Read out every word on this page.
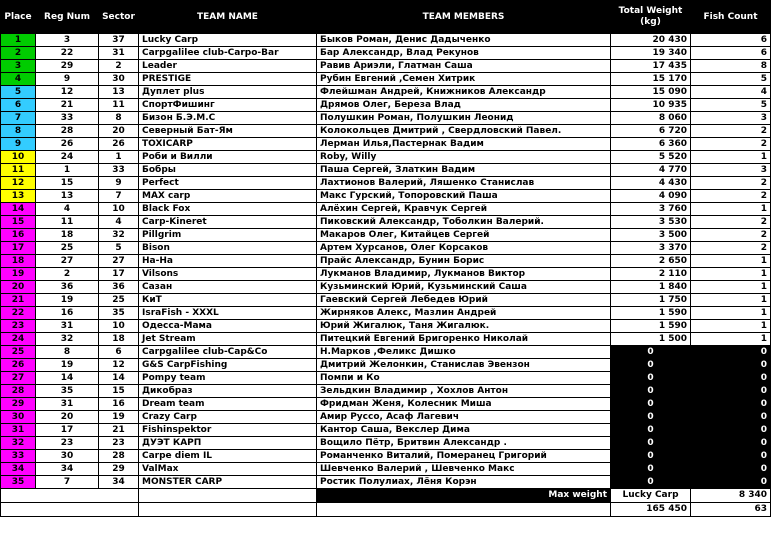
Place	Reg Num	Sector	TEAM NAME	TEAM MEMBERS	Total Weight (kg)	Fish Count
1	3	37	Lucky Carp	Быков Роман, Денис Дадыченко	20 430	6
2	22	31	Carpgalilee club-Carpo-Bar	Бар Александр, Влад Рекунов	19 340	6
3	29	2	Leader	Равив Ариэли, Глатман Саша	17 435	8
4	9	30	PRESTIGE	Рубин Евгений ,Семен Хитрик	15 170	5
5	12	13	Дуплет plus	Флейшман Андрей, Книжников Александр	15 090	4
6	21	11	СпортФишинг	Дрямов Олег, Береза Влад	10 935	5
7	33	8	Бизон Б.Э.М.С	Полушкин Роман, Полушкин Леонид	8 060	3
8	28	20	Северный Бат-Ям	Колокольцев Дмитрий , Свердловский Павел.	6 720	2
9	26	26	TOXICARP	Лерман Илья,Пастернак Вадим	6 360	2
10	24	1	Роби и Вилли	Roby, Willy	5 520	1
11	1	33	Бобры	Паша Сергей, Златкин Вадим	4 770	3
12	15	9	Perfect	Лахтионов Валерий, Ляшенко Станислав	4 430	2
13	13	7	MAX carp	Макс Гурский, Топоровский Паша	4 090	2
14	4	10	Black Fox	Алёхин Сергей, Кравчук Сергей	3 760	1
15	11	4	Carp-Kineret	Пиковский Александр, Тоболкин Валерий.	3 530	2
16	18	32	Pillgrim	Макаров Олег, Китайцев Сергей	3 500	2
17	25	5	Bison	Артем Хурсанов, Олег Корсаков	3 370	2
18	27	27	Ha-Ha	Прайс Александр, Бунин Борис	2 650	1
19	2	17	Vilsons	Лукманов Владимир, Лукманов Виктор	2 110	1
20	36	36	Сазан	Кузьминский Юрий, Кузьминский Саша	1 840	1
21	19	25	КиТ	Гаевский Сергей Лебедев Юрий	1 750	1
22	16	35	IsraFish - XXXL	Жирняков Алекс, Мазлин Андрей	1 590	1
23	31	10	Одесса-Мама	Юрий Жигалюк, Таня Жигалюк.	1 590	1
24	32	18	Jet Stream	Питецкий Евгений Бригоренко Николай	1 500	1
25	8	6	Carpgalilee club-Cap&Co	Н.Марков ,Феликс Дишко	0	0
26	19	12	G&S CarpFishing	Дмитрий Желонкин, Станислав Эвензон	0	0
27	14	14	Pompy team	Помпи и Ко	0	0
28	35	15	Дикобраз	Зельдкин Владимир , Хохлов Антон	0	0
29	31	16	Dream team	Фридман Женя, Колесник Миша	0	0
30	20	19	Crazy Carp	Амир Руссо, Асаф Лагевич	0	0
31	17	21	Fishinspektor	Кантор Саша, Векслер Дима	0	0
32	23	23	ДУЭТ КАРП	Вощило Пётр, Бритвин Александр .	0	0
33	30	28	Carpe diem IL	Романченко Виталий, Померанец Григорий	0	0
34	34	29	ValMax	Шевченко Валерий , Шевченко Макс	0	0
35	7	34	MONSTER CARP	Ростик Полулиах, Лёня Корэн	0	0
				Max weight	Lucky Carp	8 340
					165 450	63
